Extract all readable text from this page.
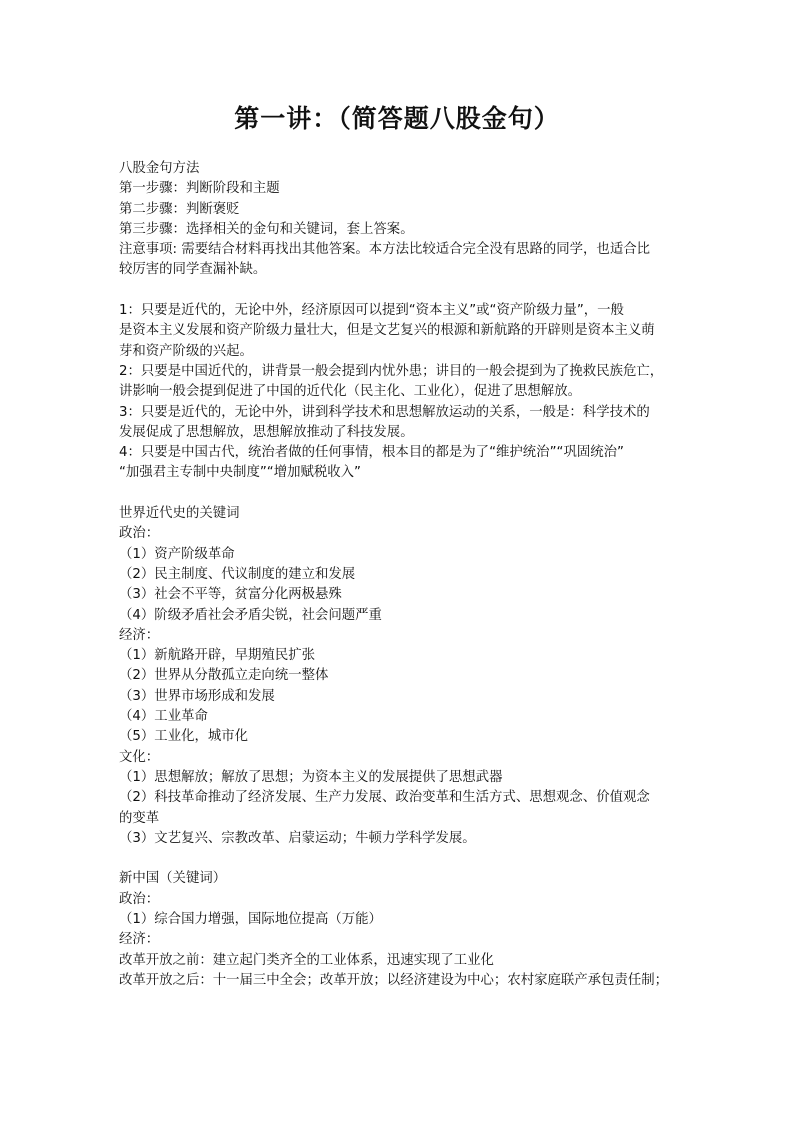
第一讲：（简答题八股金句）
八股金句方法
第一步骤：判断阶段和主题
第二步骤：判断褒贬
第三步骤：选择相关的金句和关键词，套上答案。
注意事项: 需要结合材料再找出其他答案。本方法比较适合完全没有思路的同学，也适合比
较厉害的同学查漏补缺。
1：只要是近代的，无论中外，经济原因可以提到“资本主义”或“资产阶级力量”，一般
是资本主义发展和资产阶级力量壮大，但是文艺复兴的根源和新航路的开辟则是资本主义萌
芽和资产阶级的兴起。
2：只要是中国近代的，讲背景一般会提到内忧外患；讲目的一般会提到为了挽救民族危亡，
讲影响一般会提到促进了中国的近代化（民主化、工业化），促进了思想解放。
3：只要是近代的，无论中外，讲到科学技术和思想解放运动的关系，一般是：科学技术的
发展促成了思想解放，思想解放推动了科技发展。
4：只要是中国古代，统治者做的任何事情，根本目的都是为了“维护统治”“巩固统治”
“加强君主专制中央制度”“增加赋税收入”
世界近代史的关键词
政治：
（1）资产阶级革命
（2）民主制度、代议制度的建立和发展
（3）社会不平等，贫富分化两极悬殊
（4）阶级矛盾社会矛盾尖锐，社会问题严重
经济：
（1）新航路开辟，早期殖民扩张
（2）世界从分散孤立走向统一整体
（3）世界市场形成和发展
（4）工业革命
（5）工业化，城市化
文化：
（1）思想解放；解放了思想；为资本主义的发展提供了思想武器
（2）科技革命推动了经济发展、生产力发展、政治变革和生活方式、思想观念、价值观念
的变革
（3）文艺复兴、宗教改革、启蒙运动；牛顿力学科学发展。
新中国（关键词）
政治：
（1）综合国力增强，国际地位提高（万能）
经济：
改革开放之前：建立起门类齐全的工业体系，迅速实现了工业化
改革开放之后：十一届三中全会；改革开放；以经济建设为中心；农村家庭联产承包责任制；
